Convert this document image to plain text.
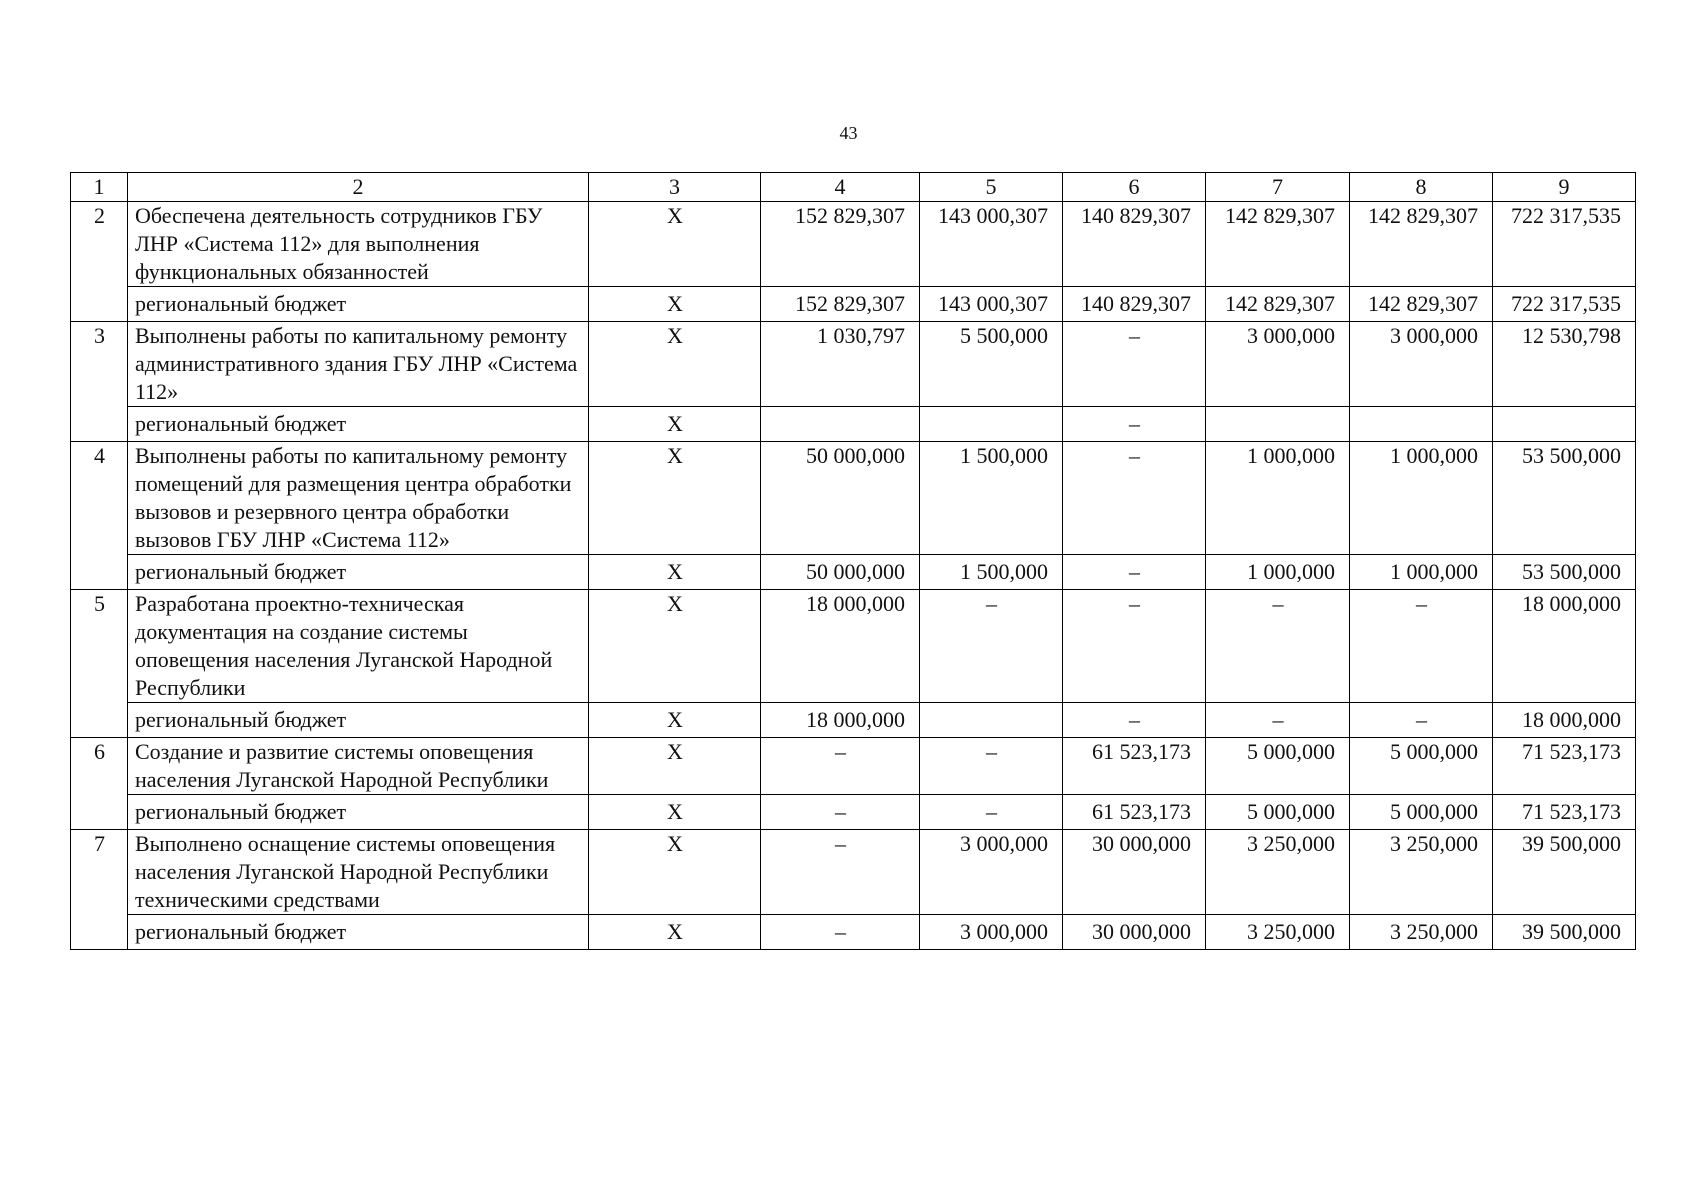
43
1	2	3	4	5	6	7	8	9
2	Обеспечена деятельность сотрудников ГБУ ЛНР «Система 112» для выполнения функциональных обязанностей	X	152 829,307	143 000,307	140 829,307	142 829,307	142 829,307	722 317,535
	региональный бюджет	X	152 829,307	143 000,307	140 829,307	142 829,307	142 829,307	722 317,535
3	Выполнены работы по капитальному ремонту административного здания ГБУ ЛНР «Система 112»	X	1 030,797	5 500,000	–	3 000,000	3 000,000	12 530,798
	региональный бюджет	X			–			
4	Выполнены работы по капитальному ремонту помещений для размещения центра обработки вызовов и резервного центра обработки вызовов ГБУ ЛНР «Система 112»	X	50 000,000	1 500,000	–	1 000,000	1 000,000	53 500,000
	региональный бюджет	X	50 000,000	1 500,000	–	1 000,000	1 000,000	53 500,000
5	Разработана проектно-техническая документация на создание системы оповещения населения Луганской Народной Республики	X	18 000,000	–	–	–	–	18 000,000
	региональный бюджет	X	18 000,000		–	–	–	18 000,000
6	Создание и развитие системы оповещения населения Луганской Народной Республики	X	–	–	61 523,173	5 000,000	5 000,000	71 523,173
	региональный бюджет	X	–	–	61 523,173	5 000,000	5 000,000	71 523,173
7	Выполнено оснащение системы оповещения населения Луганской Народной Республики техническими средствами	X	–	3 000,000	30 000,000	3 250,000	3 250,000	39 500,000
	региональный бюджет	X	–	3 000,000	30 000,000	3 250,000	3 250,000	39 500,000
